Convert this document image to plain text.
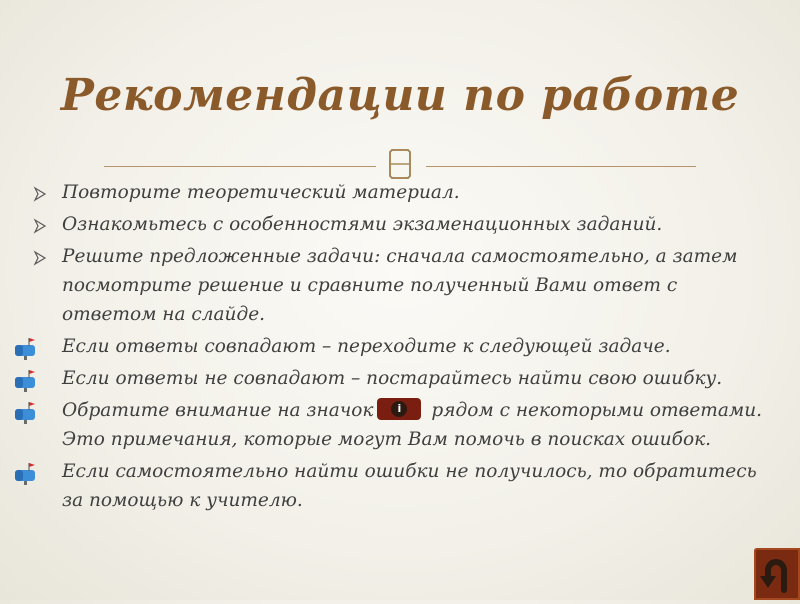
Рекомендации по работе
Повторите теоретический материал.
Ознакомьтесь с особенностями экзаменационных заданий.
Решите предложенные задачи: сначала самостоятельно, а затем посмотрите решение и сравните полученный Вами ответ с ответом на слайде.
Если ответы совпадают – переходите к следующей задаче.
Если ответы не совпадают – постарайтесь найти свою ошибку.
Обратите внимание на значок	i	рядом с некоторыми ответами. Это примечания, которые могут Вам помочь в поисках ошибок.
Если самостоятельно найти ошибки не получилось, то обратитесь за помощью к учителю.
